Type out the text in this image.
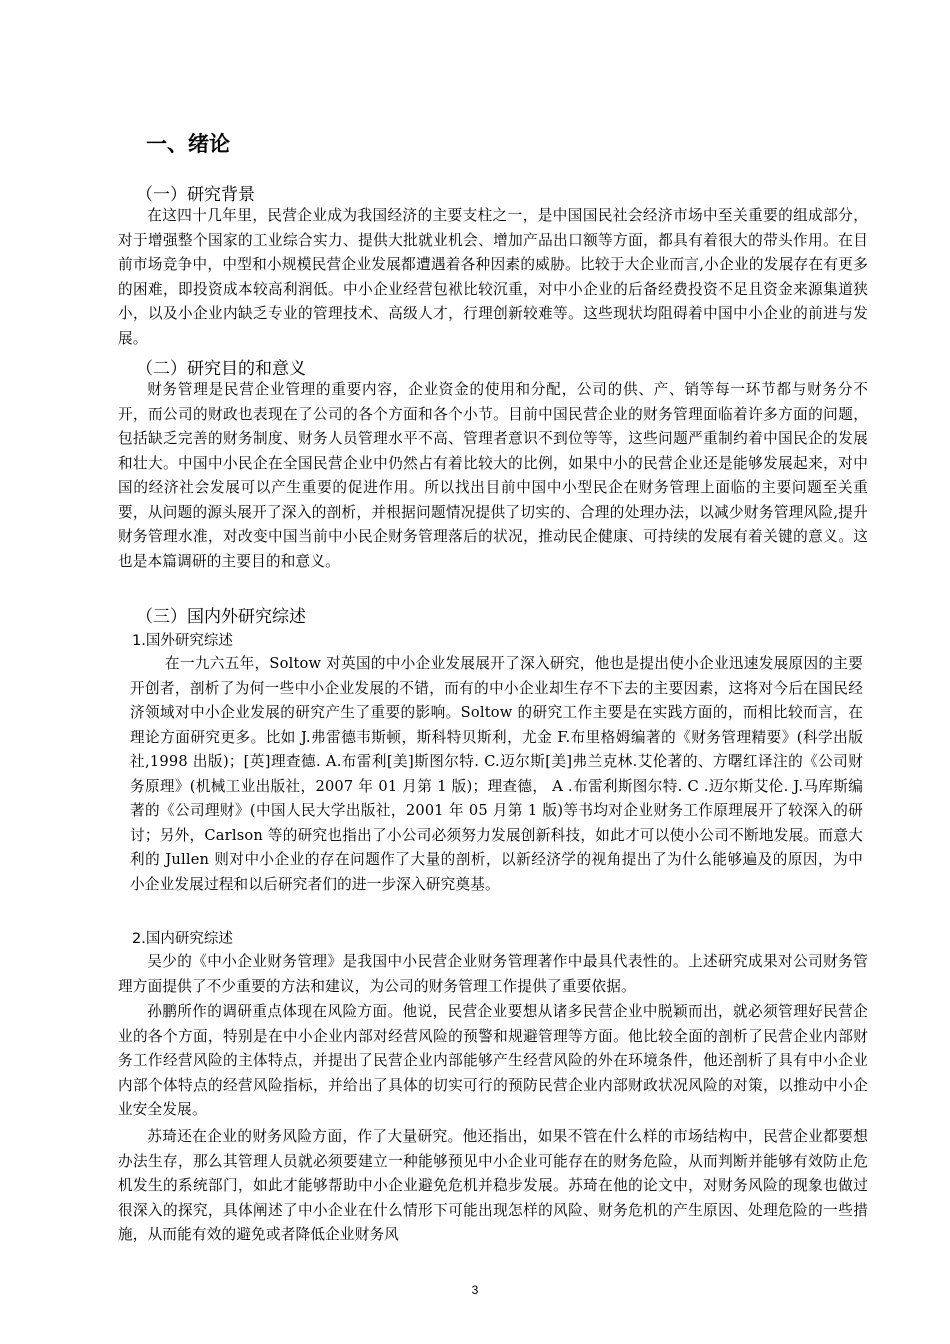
一、绪论
（一）研究背景
在这四十几年里，民营企业成为我国经济的主要支柱之一，是中国国民社会经济市场中至关重要的组成部分，对于增强整个国家的工业综合实力、提供大批就业机会、增加产品出口额等方面，都具有着很大的带头作用。在目前市场竞争中，中型和小规模民营企业发展都遭遇着各种因素的威胁。比较于大企业而言,小企业的发展存在有更多的困难，即投资成本较高利润低。中小企业经营包袱比较沉重，对中小企业的后备经费投资不足且资金来源集道狭小，以及小企业内缺乏专业的管理技术、高级人才，行理创新较难等。这些现状均阻碍着中国中小企业的前进与发展。
（二）研究目的和意义
财务管理是民营企业管理的重要内容，企业资金的使用和分配，公司的供、产、销等每一环节都与财务分不开，而公司的财政也表现在了公司的各个方面和各个小节。目前中国民营企业的财务管理面临着许多方面的问题，包括缺乏完善的财务制度、财务人员管理水平不高、管理者意识不到位等等，这些问题严重制约着中国民企的发展和壮大。中国中小民企在全国民营企业中仍然占有着比较大的比例，如果中小的民营企业还是能够发展起来，对中国的经济社会发展可以产生重要的促进作用。所以找出目前中国中小型民企在财务管理上面临的主要问题至关重要，从问题的源头展开了深入的剖析，并根据问题情况提供了切实的、合理的处理办法，以减少财务管理风险,提升财务管理水准，对改变中国当前中小民企财务管理落后的状况，推动民企健康、可持续的发展有着关键的意义。这也是本篇调研的主要目的和意义。
（三）国内外研究综述
1.国外研究综述
在一九六五年，Soltow 对英国的中小企业发展展开了深入研究，他也是提出使小企业迅速发展原因的主要开创者，剖析了为何一些中小企业发展的不错，而有的中小企业却生存不下去的主要因素，这将对今后在国民经济领域对中小企业发展的研究产生了重要的影响。Soltow 的研究工作主要是在实践方面的，而相比较而言，在理论方面研究更多。比如 J.弗雷德韦斯顿，斯科特贝斯利，尤金 F.布里格姆编著的《财务管理精要》(科学出版社,1998 出版)；[英]理查德. A.布雷利[美]斯图尔特. C.迈尔斯[美]弗兰克林.艾伦著的、方曙红译注的《公司财务原理》(机械工业出版社，2007 年 01 月第 1 版)；理查德， A .布雷利斯图尔特. C .迈尔斯艾伦. J.马库斯编著的《公司理财》(中国人民大学出版社，2001 年 05 月第 1 版)等书均对企业财务工作原理展开了较深入的研讨；另外，Carlson 等的研究也指出了小公司必须努力发展创新科技，如此才可以使小公司不断地发展。而意大利的 Jullen 则对中小企业的存在问题作了大量的剖析，以新经济学的视角提出了为什么能够遍及的原因，为中小企业发展过程和以后研究者们的进一步深入研究奠基。
2.国内研究综述
吴少的《中小企业财务管理》是我国中小民营企业财务管理著作中最具代表性的。上述研究成果对公司财务管理方面提供了不少重要的方法和建议，为公司的财务管理工作提供了重要依据。
孙鹏所作的调研重点体现在风险方面。他说，民营企业要想从诸多民营企业中脱颖而出，就必须管理好民营企业的各个方面，特别是在中小企业内部对经营风险的预警和规避管理等方面。他比较全面的剖析了民营企业内部财务工作经营风险的主体特点，并提出了民营企业内部能够产生经营风险的外在环境条件，他还剖析了具有中小企业内部个体特点的经营风险指标，并给出了具体的切实可行的预防民营企业内部财政状况风险的对策，以推动中小企业安全发展。
苏琦还在企业的财务风险方面，作了大量研究。他还指出，如果不管在什么样的市场结构中，民营企业都要想办法生存，那么其管理人员就必须要建立一种能够预见中小企业可能存在的财务危险，从而判断并能够有效防止危机发生的系统部门，如此才能够帮助中小企业避免危机并稳步发展。苏琦在他的论文中，对财务风险的现象也做过很深入的探究，具体阐述了中小企业在什么情形下可能出现怎样的风险、财务危机的产生原因、处理危险的一些措施，从而能有效的避免或者降低企业财务风
3
